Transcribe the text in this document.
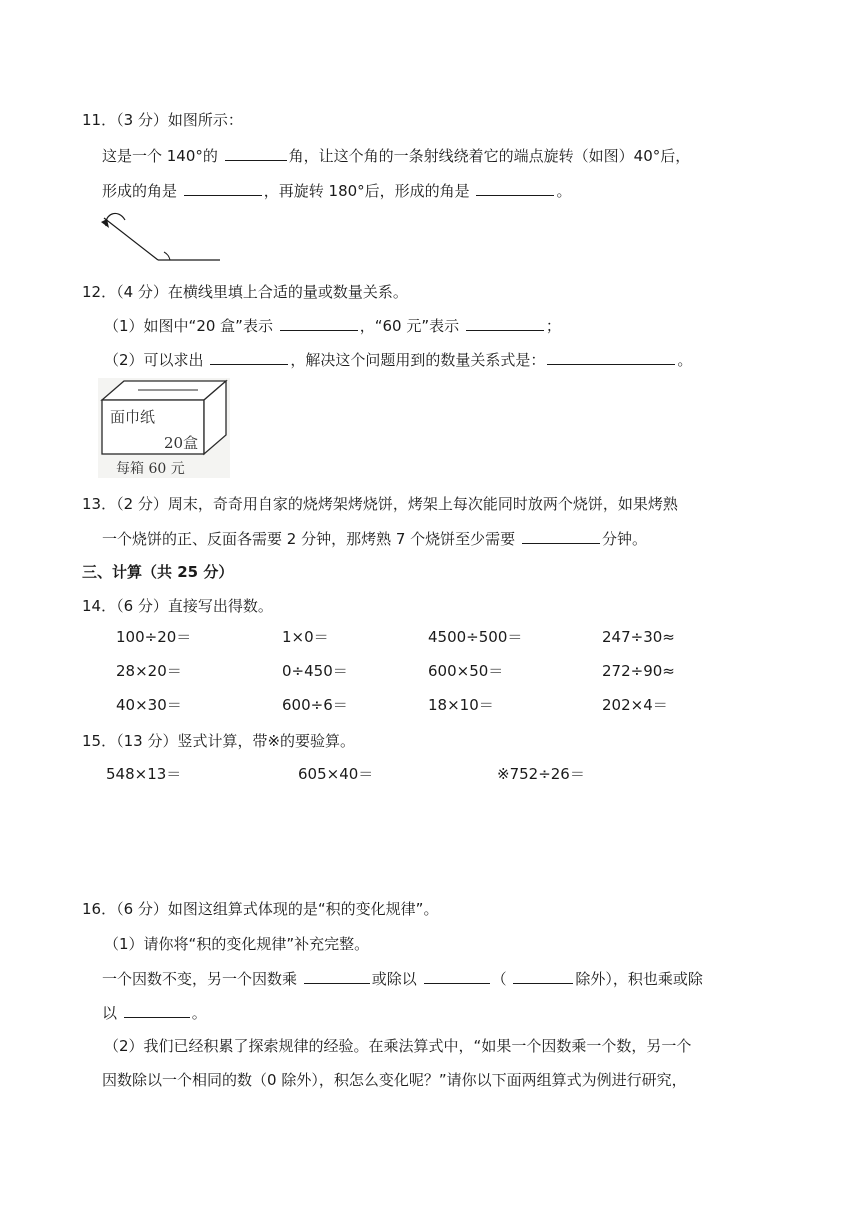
11．（3 分）如图所示：
这是一个 140°的	角，让这个角的一条射线绕着它的端点旋转（如图）40°后，
形成的角是	，再旋转 180°后，形成的角是	。
12．（4 分）在横线里填上合适的量或数量关系。
（1）如图中“20 盒”表示	，“60 元”表示	；
（2）可以求出	，解决这个问题用到的数量关系式是：	。
面巾纸
20盒
每箱 60 元
13．（2 分）周末，奇奇用自家的烧烤架烤烧饼，烤架上每次能同时放两个烧饼，如果烤熟
一个烧饼的正、反面各需要 2 分钟，那烤熟 7 个烧饼至少需要	分钟。
三、计算（共 25 分）
14．（6 分）直接写出得数。
100÷20＝	1×0＝	4500÷500＝	247÷30≈
28×20＝	0÷450＝	600×50＝	272÷90≈
40×30＝	600÷6＝	18×10＝	202×4＝
15．（13 分）竖式计算，带※的要验算。
548×13＝	605×40＝	※752÷26＝
16．（6 分）如图这组算式体现的是“积的变化规律”。
（1）请你将“积的变化规律”补充完整。
一个因数不变，另一个因数乘	或除以	（	除外），积也乘或除
以	。
（2）我们已经积累了探索规律的经验。在乘法算式中，“如果一个因数乘一个数，另一个
因数除以一个相同的数（0 除外），积怎么变化呢？”请你以下面两组算式为例进行研究，
